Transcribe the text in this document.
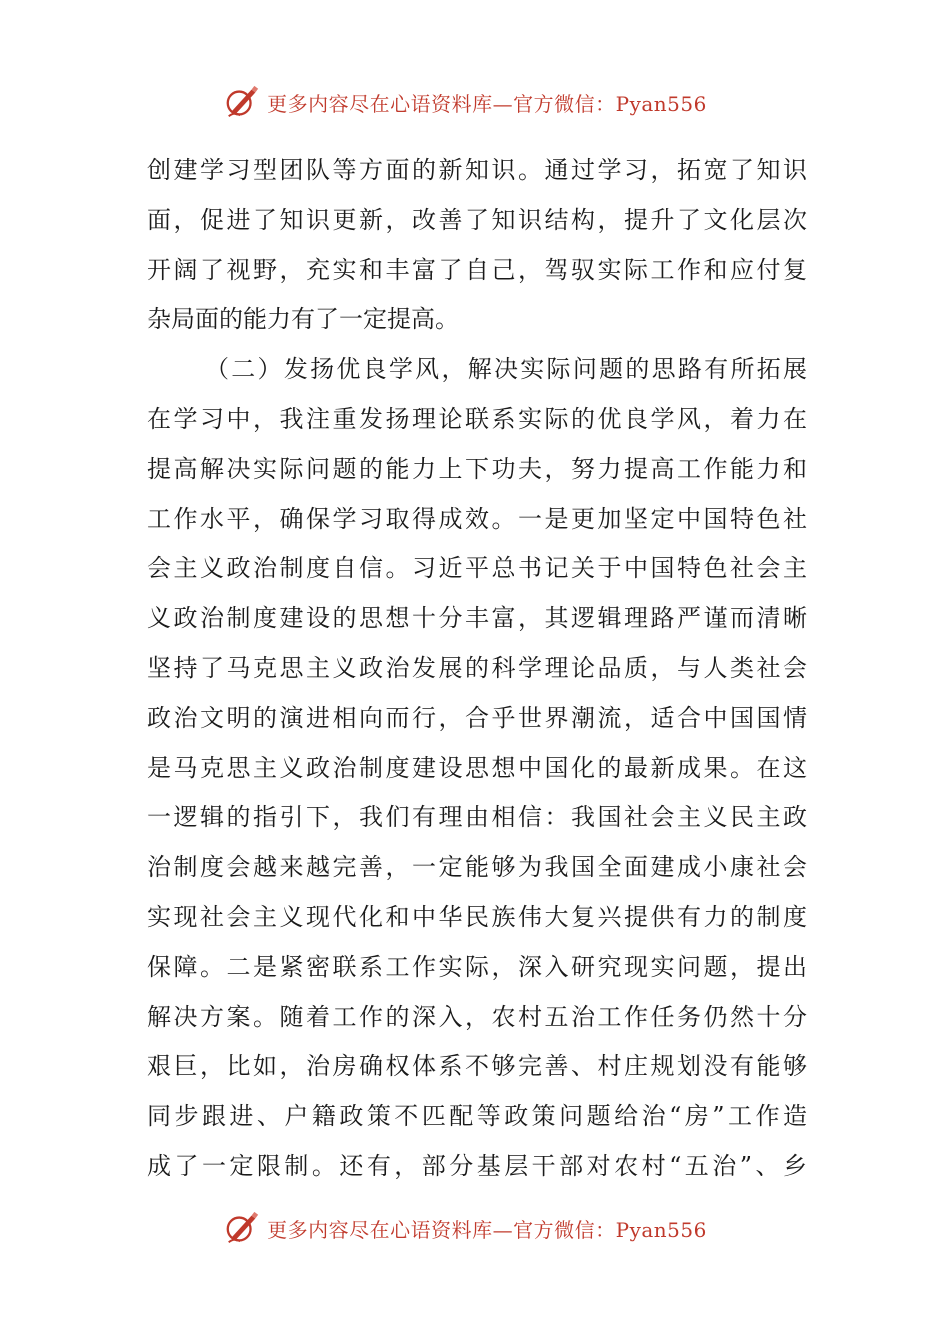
更多内容尽在心语资料库—官方微信：Pyan556
创建学习型团队等方面的新知识。通过学习，拓宽了知识
面，促进了知识更新，改善了知识结构，提升了文化层次
开阔了视野，充实和丰富了自己，驾驭实际工作和应付复
杂局面的能力有了一定提高。
（二）发扬优良学风，解决实际问题的思路有所拓展
在学习中，我注重发扬理论联系实际的优良学风，着力在
提高解决实际问题的能力上下功夫，努力提高工作能力和
工作水平，确保学习取得成效。一是更加坚定中国特色社
会主义政治制度自信。习近平总书记关于中国特色社会主
义政治制度建设的思想十分丰富，其逻辑理路严谨而清晰
坚持了马克思主义政治发展的科学理论品质，与人类社会
政治文明的演进相向而行，合乎世界潮流，适合中国国情
是马克思主义政治制度建设思想中国化的最新成果。在这
一逻辑的指引下，我们有理由相信：我国社会主义民主政
治制度会越来越完善，一定能够为我国全面建成小康社会
实现社会主义现代化和中华民族伟大复兴提供有力的制度
保障。二是紧密联系工作实际，深入研究现实问题，提出
解决方案。随着工作的深入，农村五治工作任务仍然十分
艰巨，比如，治房确权体系不够完善、村庄规划没有能够
同步跟进、户籍政策不匹配等政策问题给治“房”工作造
成了一定限制。还有，部分基层干部对农村“五治”、乡
更多内容尽在心语资料库—官方微信：Pyan556
